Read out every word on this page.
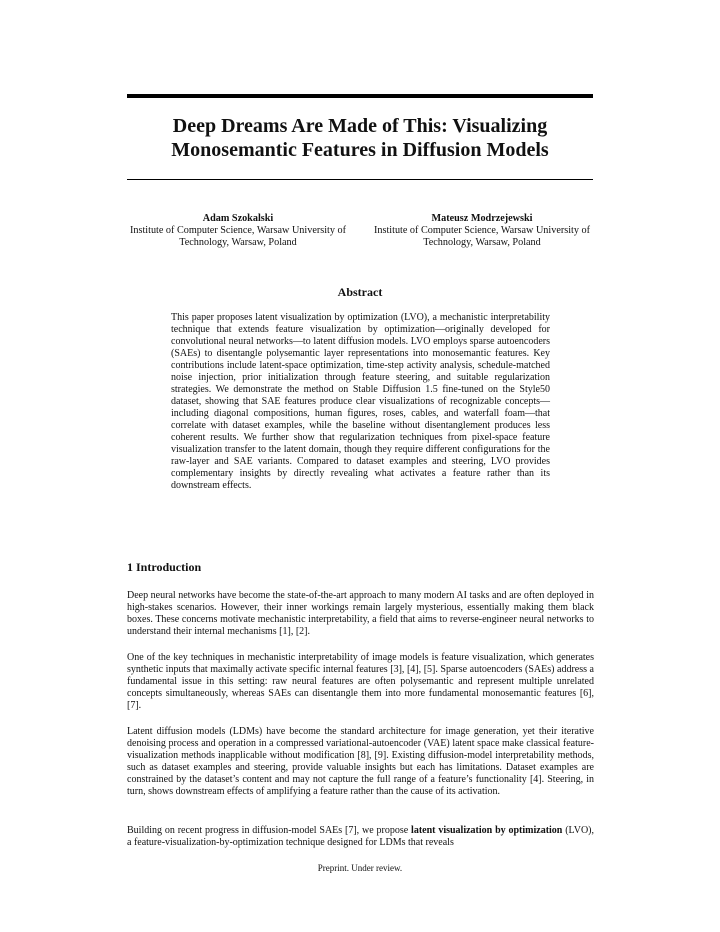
Deep Dreams Are Made of This: Visualizing Monosemantic Features in Diffusion Models
Adam Szokalski
Institute of Computer Science, Warsaw University of Technology, Warsaw, Poland
Mateusz Modrzejewski
Institute of Computer Science, Warsaw University of Technology, Warsaw, Poland
Abstract

This paper proposes latent visualization by optimization (LVO), a mechanistic interpretability technique that extends feature visualization by optimization—originally developed for convolutional neural networks—to latent diffusion models. LVO employs sparse autoencoders (SAEs) to disentangle polysemantic layer representations into monosemantic features. Key contributions include latent-space optimization, time-step activity analysis, schedule-matched noise injection, prior initialization through feature steering, and suitable regularization strategies. We demonstrate the method on Stable Diffusion 1.5 fine-tuned on the Style50 dataset, showing that SAE features produce clear visualizations of recognizable concepts—including diagonal compositions, human figures, roses, cables, and waterfall foam—that correlate with dataset examples, while the baseline without disentanglement produces less coherent results. We further show that regularization techniques from pixel-space feature visualization transfer to the latent domain, though they require different configurations for the raw-layer and SAE variants. Compared to dataset examples and steering, LVO provides complementary insights by directly revealing what activates a feature rather than its downstream effects.

1 Introduction

Deep neural networks have become the state-of-the-art approach to many modern AI tasks and are often deployed in high-stakes scenarios. However, their inner workings remain largely mysterious, essentially making them black boxes. These concerns motivate mechanistic interpretability, a field that aims to reverse-engineer neural networks to understand their internal mechanisms [1], [2].

One of the key techniques in mechanistic interpretability of image models is feature visualization, which generates synthetic inputs that maximally activate specific internal features [3], [4], [5]. Sparse autoencoders (SAEs) address a fundamental issue in this setting: raw neural features are often polysemantic and represent multiple unrelated concepts simultaneously, whereas SAEs can disentangle them into more fundamental monosemantic features [6], [7].

Latent diffusion models (LDMs) have become the standard architecture for image generation, yet their iterative denoising process and operation in a compressed variational-autoencoder (VAE) latent space make classical feature-visualization methods inapplicable without modification [8], [9]. Existing diffusion-model interpretability methods, such as dataset examples and steering, provide valuable insights but each has limitations. Dataset examples are constrained by the dataset’s content and may not capture the full range of a feature’s functionality [4]. Steering, in turn, shows downstream effects of amplifying a feature rather than the cause of its activation.

Building on recent progress in diffusion-model SAEs [7], we propose latent visualization by optimization (LVO), a feature-visualization-by-optimization technique designed for LDMs that reveals

Preprint. Under review.
